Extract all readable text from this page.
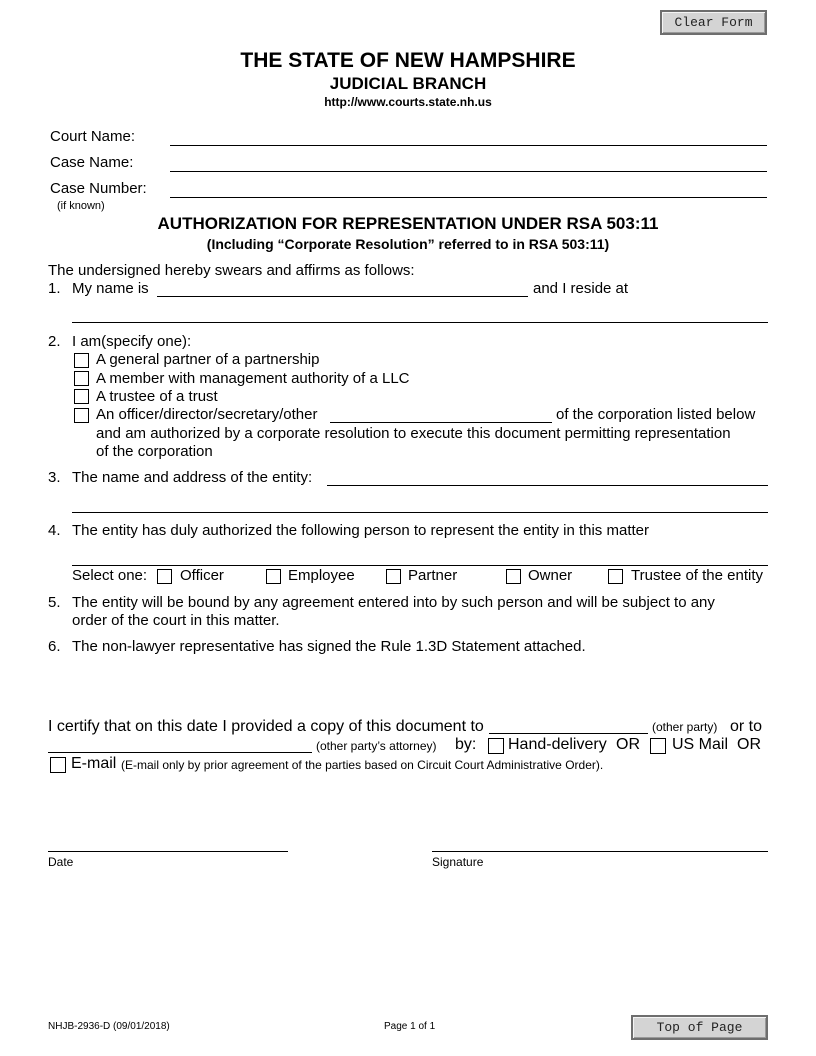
Clear Form
Top of Page
THE STATE OF NEW HAMPSHIRE
JUDICIAL BRANCH
http://www.courts.state.nh.us
Court Name:
Case Name:
Case Number:
(if known)
AUTHORIZATION FOR REPRESENTATION UNDER RSA 503:11
(Including “Corporate Resolution” referred to in RSA 503:11)
The undersigned hereby swears and affirms as follows:
1. My name is	and I reside at
2. I am(specify one):
A general partner of a partnership
A member with management authority of a LLC
A trustee of a trust
An officer/director/secretary/other	of the corporation listed below
and am authorized by a corporate resolution to execute this document permitting representation
of the corporation
3. The name and address of the entity:
4. The entity has duly authorized the following person to represent the entity in this matter
Select one: Officer	Employee	Partner	Owner	Trustee of the entity
5. The entity will be bound by any agreement entered into by such person and will be subject to any
order of the court in this matter.
6. The non-lawyer representative has signed the Rule 1.3D Statement attached.
I certify that on this date I provided a copy of this document to	(other party) or to
(other party’s attorney) by: Hand-delivery OR US Mail OR
E-mail (E-mail only by prior agreement of the parties based on Circuit Court Administrative Order).
Date	Signature
NHJB-2936-D (09/01/2018)	Page 1 of 1
